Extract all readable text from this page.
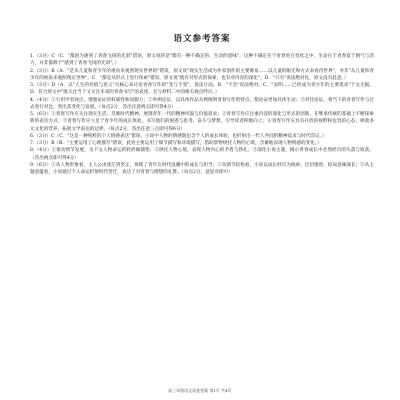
语文参考答案

1.（3分）C（C．"都因为感到了青春飞扬的光彩"错误，原文说的是"都有一种不确定的、生动的意味"，这种不确定在于青春处在变化之中，生动在于青春富于朝气与活力，并非都源于"感到了青春飞扬的光彩"。）

2.（3分）B（A．"是从儿童和青少年的视角来观照现实世界的"错误，原文说"现实生活成为作家创作的主要源泉……以儿童的眼光和方式来看待世界"，并非"从儿童和青少年的视角来观照现实世界"。C．"都是从形式上进行探索"错误，原文说"既有对形式的探索，也有对内容的深化"。D．"只有"说法绝对化，原文没有此意。）

3.（3分）D（A．以"人生的价值与意义"为核心来讨论青春写作的"变与不变"，说法片面。B．"不会"说法绝对。C．"表明……已经成为青少年的主要追求"于文无据。D．符合原文中"既关注当下又关注未来的青春书写"的表述，且与材料二中的相关观点呼应。）

4.（4分）①引用学者观点，增强论证的权威性和说服力；②举例论证，以具体作品为例阐明青春写作的特点，使论证更加具体生动；③对比论证，将当下的青春写作与过去进行对比，突出其变化与发展。（每点2分，答出任意两点即可得4分）

5.（6分）①青春写作应关注现实生活，反映时代精神，展现青年一代的精神风貌与价值追求；②青春写作应注重内容的深化与形式的创新，在继承传统的基础上不断探索新的表达方式；③青春写作应立足于青少年的成长体验，书写他们的困惑与思考、奋斗与梦想，引导读者积极向上；④青春写作应具有开放的视野和包容的心态，吸收多元文化的营养，拓展文学表达的边界。（每点2分，答出任意三点即可得6分）

6.（3分）C（C．"这是一种纯粹的个人情感表达"错误，小说中人物的情感既包含个人的成长体验，也折射出一代人共同的精神追求与时代印记。）

7.（3分）B（B．"主要运用了心理描写"错误，此处主要运用了细节描写和环境描写，借助景物烘托人物的心境，含蓄地表现人物情感的变化。）

8.（4分）①推动情节发展，为下文人物命运的转折做铺垫；②烘托人物心境，表现人物内心的矛盾与挣扎；③深化小说主题，揭示青春成长中必然经历的失落与收获。（答出两点即可得4分）

9.（6分）①从人物形象看，主人公由迷茫到坚定，体现了青年在时代浪潮中的成长与担当；②从情节结构看，小说以成长经历为线索，层层推进，结局意味深长；③从主题意蕴看，小说通过个人命运折射时代变迁，表达了对青春与理想的礼赞。（每点2分，意思对即可）

高三年级语文试卷答案 第1页 共4页
